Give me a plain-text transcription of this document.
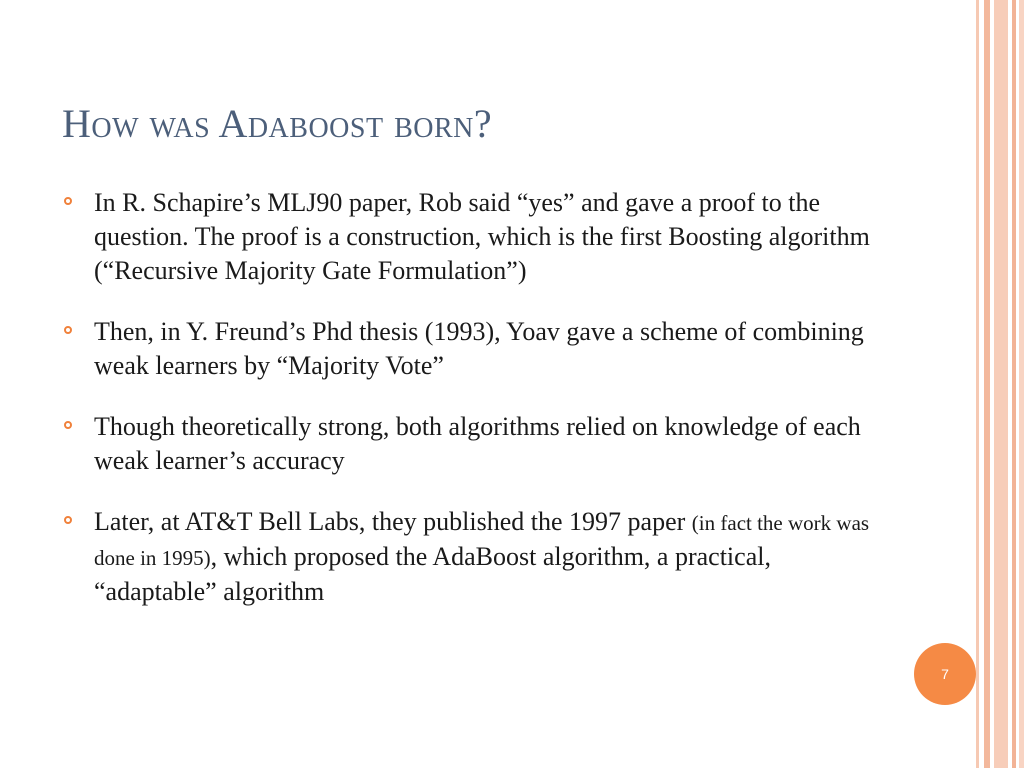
How was Adaboost born?
In R. Schapire’s MLJ90 paper, Rob said “yes” and gave a proof to the question. The proof is a construction, which is the first Boosting algorithm (“Recursive Majority Gate Formulation”)
Then, in Y. Freund’s Phd thesis (1993), Yoav gave a scheme of combining weak learners by “Majority Vote”
Though theoretically strong, both algorithms relied on knowledge of each weak learner’s accuracy
Later, at AT&T Bell Labs, they published the 1997 paper (in fact the work was done in 1995), which proposed the AdaBoost algorithm, a practical, “adaptable” algorithm
7
